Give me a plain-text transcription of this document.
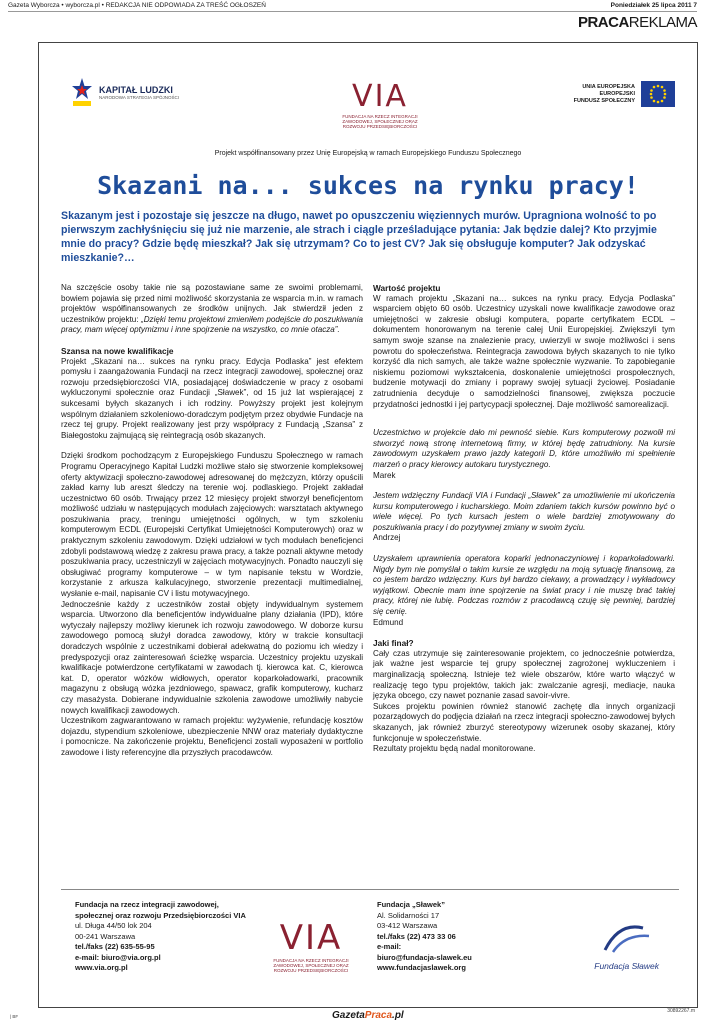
Gazeta Wyborcza • wyborcza.pl • REDAKCJA NIE ODPOWIADA ZA TREŚĆ OGŁOSZEŃ	Poniedziałek 25 lipca 2011 7
PRACAREKLAMA
KAPITAŁ LUDZKI
NARODOWA STRATEGIA SPÓJNOŚCI	VIA
FUNDACJA NA RZECZ INTEGRACJI ZAWODOWEJ, SPOŁECZNEJ ORAZ ROZWOJU PRZEDSIĘBIORCZOŚCI
UNIA EUROPEJSKA
EUROPEJSKI
FUNDUSZ SPOŁECZNY
Projekt współfinansowany przez Unię Europejską w ramach Europejskiego Funduszu Społecznego
Skazani na... sukces na rynku pracy!

Skazanym jest i pozostaje się jeszcze na długo, nawet po opuszczeniu więziennych murów. Upragniona wolność to po pierwszym zachłyśnięciu się już nie marzenie, ale strach i ciągle prześladujące pytania: Jak będzie dalej? Kto przyjmie mnie do pracy? Gdzie będę mieszkał? Jak się utrzymam? Co to jest CV? Jak się obsługuje komputer? Jak odzyskać mieszkanie?…

Na szczęście osoby takie nie są pozostawiane same ze swoimi problemami, bowiem pojawia się przed nimi możliwość skorzystania ze wsparcia m.in. w ramach projektów współfinansowanych ze środków unijnych. Jak stwierdził jeden z uczestników projektu: „Dzięki temu projektowi zmieniłem podejście do poszukiwania pracy, mam więcej optymizmu i inne spojrzenie na wszystko, co mnie otacza”.

Szansa na nowe kwalifikacje

Projekt „Skazani na… sukces na rynku pracy. Edycja Podlaska” jest efektem pomysłu i zaangażowania Fundacji na rzecz integracji zawodowej, społecznej oraz rozwoju przedsiębiorczości VIA, posiadającej doświadczenie w pracy z osobami wykluczonymi społecznie oraz Fundacji „Sławek”, od 15 już lat wspierającej z sukcesami byłych skazanych i ich rodziny. Powyższy projekt jest kolejnym wspólnym działaniem szkoleniowo-doradczym podjętym przez obydwie Fundacje na rzecz tej grupy. Projekt realizowany jest przy współpracy z Fundacją „Szansa” z Białegostoku zajmującą się reintegracją osób skazanych.

Dzięki środkom pochodzącym z Europejskiego Funduszu Społecznego w ramach Programu Operacyjnego Kapitał Ludzki możliwe stało się stworzenie kompleksowej oferty aktywizacji społeczno-zawodowej adresowanej do mężczyzn, którzy opuścili zakład karny lub areszt śledczy na terenie woj. podlaskiego. Projekt zakładał uczestnictwo 60 osób. Trwający przez 12 miesięcy projekt stworzył beneficjentom możliwość udziału w następujących modułach zajęciowych: warsztatach aktywnego poszukiwania pracy, treningu umiejętności ogólnych, w tym szkoleniu komputerowym ECDL (Europejski Certyfikat Umiejętności Komputerowych) oraz w praktycznym szkoleniu zawodowym. Dzięki udziałowi w tych modułach beneficjenci zdobyli podstawową wiedzę z zakresu prawa pracy, a także poznali aktywne metody poszukiwania pracy, uczestniczyli w zajęciach motywacyjnych. Ponadto nauczyli się obsługiwać programy komputerowe – w tym napisanie tekstu w Wordzie, korzystanie z arkusza kalkulacyjnego, stworzenie prezentacji multimedialnej, wysłanie e-mail, napisanie CV i listu motywacyjnego.

Jednocześnie każdy z uczestników został objęty indywidualnym systemem wsparcia. Utworzono dla beneficjentów indywidualne plany działania (IPD), które wytyczały najlepszy możliwy kierunek ich rozwoju zawodowego. W doborze kursu zawodowego pomocą służył doradca zawodowy, który w trakcie konsultacji doradczych wspólnie z uczestnikami dobierał adekwatną do poziomu ich wiedzy i predyspozycji oraz zainteresowań ścieżkę wsparcia. Uczestnicy projektu uzyskali kwalifikacje potwierdzone certyfikatami w zawodach tj. kierowca kat. C, kierowca kat. D, operator wózków widłowych, operator koparkoładowarki, pracownik magazynu z obsługą wózka jezdniowego, spawacz, grafik komputerowy, kucharz czy masażysta. Dobierane indywidualnie szkolenia zawodowe umożliwiły nabycie nowych kwalifikacji zawodowych.

Uczestnikom zagwarantowano w ramach projektu: wyżywienie, refundację kosztów dojazdu, stypendium szkoleniowe, ubezpieczenie NNW oraz materiały dydaktyczne i pomocnicze. Na zakończenie projektu, Beneficjenci zostali wyposażeni w portfolio zawodowe i listy referencyjne dla przyszłych pracodawców.

Wartość projektu

W ramach projektu „Skazani na… sukces na rynku pracy. Edycja Podlaska” wsparciem objęto 60 osób. Uczestnicy uzyskali nowe kwalifikacje zawodowe oraz umiejętności w zakresie obsługi komputera, poparte certyfikatem ECDL – dokumentem honorowanym na terenie całej Unii Europejskiej. Zwiększyli tym samym swoje szanse na znalezienie pracy, uwierzyli w swoje możliwości i sens powrotu do społeczeństwa. Reintegracja zawodowa byłych skazanych to nie tylko korzyść dla nich samych, ale także ważne społecznie wyzwanie. To zapobieganie niskiemu poziomowi wykształcenia, doskonalenie umiejętności prospołecznych, budzenie motywacji do zmiany i poprawy swojej sytuacji życiowej. Posiadanie zatrudnienia decyduje o samodzielności finansowej, zwiększa poczucie przydatności jednostki i jej partycypacji społecznej. Daje możliwość samorealizacji.

Uczestnictwo w projekcie dało mi pewność siebie. Kurs komputerowy pozwolił mi stworzyć nową stronę internetową firmy, w której będę zatrudniony. Na kursie zawodowym uzyskałem prawo jazdy kategorii D, które umożliwiło mi spełnienie marzeń o pracy kierowcy autokaru turystycznego.

Marek

Jestem wdzięczny Fundacji VIA i Fundacji „Sławek” za umożliwienie mi ukończenia kursu komputerowego i kucharskiego. Moim zdaniem takich kursów powinno być o wiele więcej. Po tych kursach jestem o wiele bardziej zmotywowany do poszukiwania pracy i do pozytywnej zmiany w swoim życiu.

Andrzej

Uzyskałem uprawnienia operatora koparki jednonaczyniowej i koparkoładowarki. Nigdy bym nie pomyślał o takim kursie ze względu na moją sytuację finansową, za co jestem bardzo wdzięczny. Kurs był bardzo ciekawy, a prowadzący i wykładowcy wyjątkowi. Obecnie mam inne spojrzenie na świat pracy i nie muszę brać takiej pracy, której nie lubię. Podczas rozmów z pracodawcą czuję się pewniej, bardziej się cenię.

Edmund

Jaki finał?

Cały czas utrzymuje się zainteresowanie projektem, co jednocześnie potwierdza, jak ważne jest wsparcie tej grupy społecznej zagrożonej wykluczeniem i marginalizacją społeczną. Istnieje też wiele obszarów, które warto włączyć w realizację tego typu projektów, takich jak: zwalczanie agresji, mediacje, nauka języka obcego, czy nawet poznanie zasad savoir-vivre.

Sukces projektu powinien również stanowić zachętę dla innych organizacji pozarządowych do podjęcia działań na rzecz integracji społeczno-zawodowej byłych skazanych, jak również zburzyć stereotypowy wizerunek osoby skazanej, który funkcjonuje w społeczeństwie.

Rezultaty projektu będą nadal monitorowane.

Fundacja na rzecz integracji zawodowej,
społecznej oraz rozwoju Przedsiębiorczości VIA
ul. Długa 44/50 lok 204
00-241 Warszawa
tel./faks (22) 635-55-95
e-mail: biuro@via.org.pl
www.via.org.pl
VIA
FUNDACJA NA RZECZ INTEGRACJI ZAWODOWEJ, SPOŁECZNEJ ORAZ ROZWOJU PRZEDSIĘBIORCZOŚCI
Fundacja „Sławek”
Al. Solidarności 17
03-412 Warszawa
tel./faks (22) 473 33 06
e-mail:
biuro@fundacja-slawek.eu
www.fundacjaslawek.org	Fundacja Sławek
| BF	GazetaPraca.pl	30892267.m
